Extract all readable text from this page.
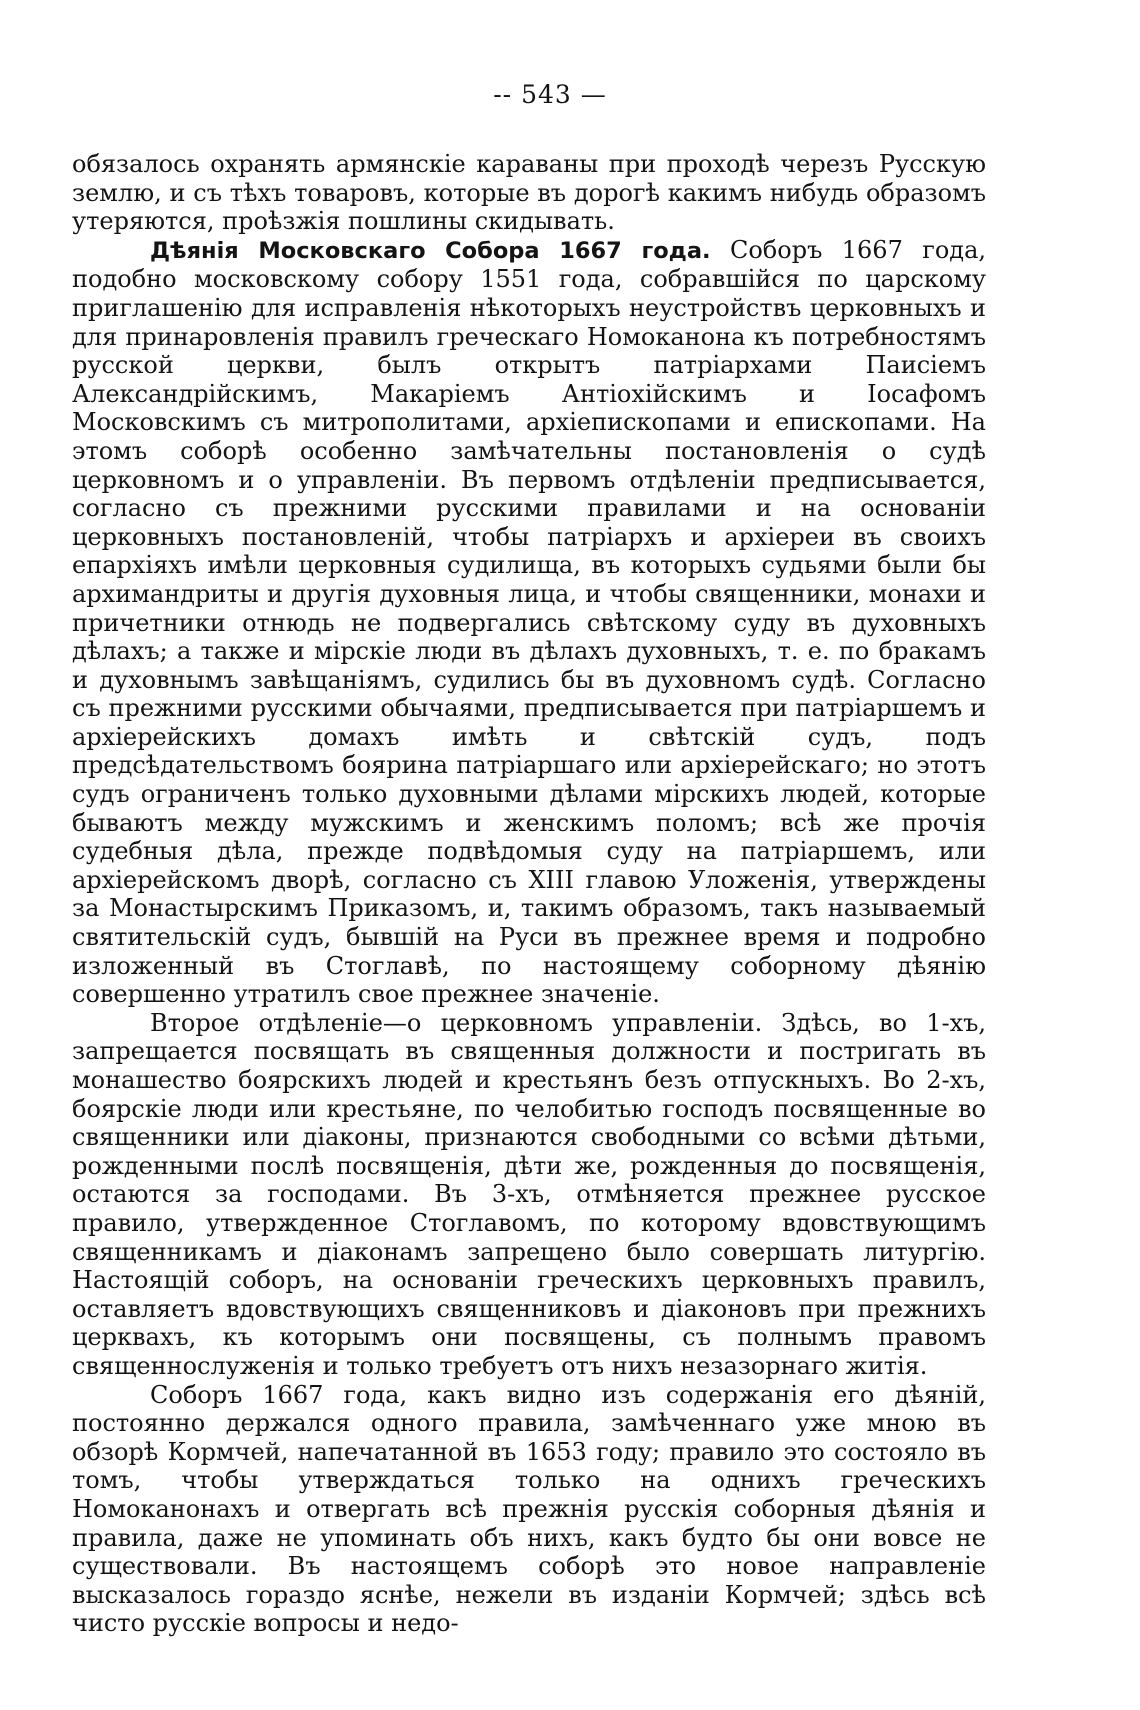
-- 543 —

обязалось охранять армянскiе караваны при проходѣ черезъ Русскую землю, и съ тѣхъ товаровъ, которые въ дорогѣ какимъ нибудь образомъ утеряются, проѣзжiя пошлины скидывать.

Дѣянiя Московскаго Собора 1667 года. Соборъ 1667 года, подобно московскому собору 1551 года, собравшiйся по царскому приглашенiю для исправленiя нѣкоторыхъ неустройствъ церковныхъ и для принаровленiя правилъ греческаго Номоканона къ потребностямъ русской церкви, былъ открытъ патрiархами Паисiемъ Александрiйскимъ, Макарiемъ Антiохiйскимъ и Iосафомъ Московскимъ съ митрополитами, архiепископами и епископами. На этомъ соборѣ особенно замѣчательны постановленiя о судѣ церковномъ и о управленiи. Въ первомъ отдѣленiи предписывается, согласно съ прежними русскими правилами и на основанiи церковныхъ постановленiй, чтобы патрiархъ и архiереи въ своихъ епархiяхъ имѣли церковныя судилища, въ которыхъ судьями были бы архимандриты и другiя духовныя лица, и чтобы священники, монахи и причетники отнюдь не подвергались свѣтскому суду въ духовныхъ дѣлахъ; а также и мiрскiе люди въ дѣлахъ духовныхъ, т. е. по бракамъ и духовнымъ завѣщанiямъ, судились бы въ духовномъ судѣ. Согласно съ прежними русскими обычаями, предписывается при патрiаршемъ и архiерейскихъ домахъ имѣть и свѣтскiй судъ, подъ предсѣдательствомъ боярина патрiаршаго или архiерейскаго; но этотъ судъ ограниченъ только духовными дѣлами мiрскихъ людей, которые бываютъ между мужскимъ и женскимъ поломъ; всѣ же прочiя судебныя дѣла, прежде подвѣдомыя суду на патрiаршемъ, или архiерейскомъ дворѣ, согласно съ XIII главою Уложенiя, утверждены за Монастырскимъ Приказомъ, и, такимъ образомъ, такъ называемый святительскiй судъ, бывшiй на Руси въ прежнее время и подробно изложенный въ Стоглавѣ, по настоящему соборному дѣянiю совершенно утратилъ свое прежнее значенiе.

Второе отдѣленiе—о церковномъ управленiи. Здѣсь, во 1-хъ, запрещается посвящать въ священныя должности и постригать въ монашество боярскихъ людей и крестьянъ безъ отпускныхъ. Во 2-хъ, боярскiе люди или крестьяне, по челобитью господъ посвященные во священники или дiаконы, признаются свободными со всѣми дѣтьми, рожденными послѣ посвященiя, дѣти же, рожденныя до посвященiя, остаются за господами. Въ 3-хъ, отмѣняется прежнее русское правило, утвержденное Стоглавомъ, по которому вдовствующимъ священникамъ и дiаконамъ запрещено было совершать литургiю. Настоящiй соборъ, на основанiи греческихъ церковныхъ правилъ, оставляетъ вдовствующихъ священниковъ и дiаконовъ при прежнихъ церквахъ, къ которымъ они посвящены, съ полнымъ правомъ священнослуженiя и только требуетъ отъ нихъ незазорнаго житiя.

Соборъ 1667 года, какъ видно изъ содержанiя его дѣянiй, постоянно держался одного правила, замѣченнаго уже мною въ обзорѣ Кормчей, напечатанной въ 1653 году; правило это состояло въ томъ, чтобы утверждаться только на однихъ греческихъ Номоканонахъ и отвергать всѣ прежнiя русскiя соборныя дѣянiя и правила, даже не упоминать объ нихъ, какъ будто бы они вовсе не существовали. Въ настоящемъ соборѣ это новое направленiе высказалось гораздо яснѣе, нежели въ изданiи Кормчей; здѣсь всѣ чисто русскiе вопросы и недо-
